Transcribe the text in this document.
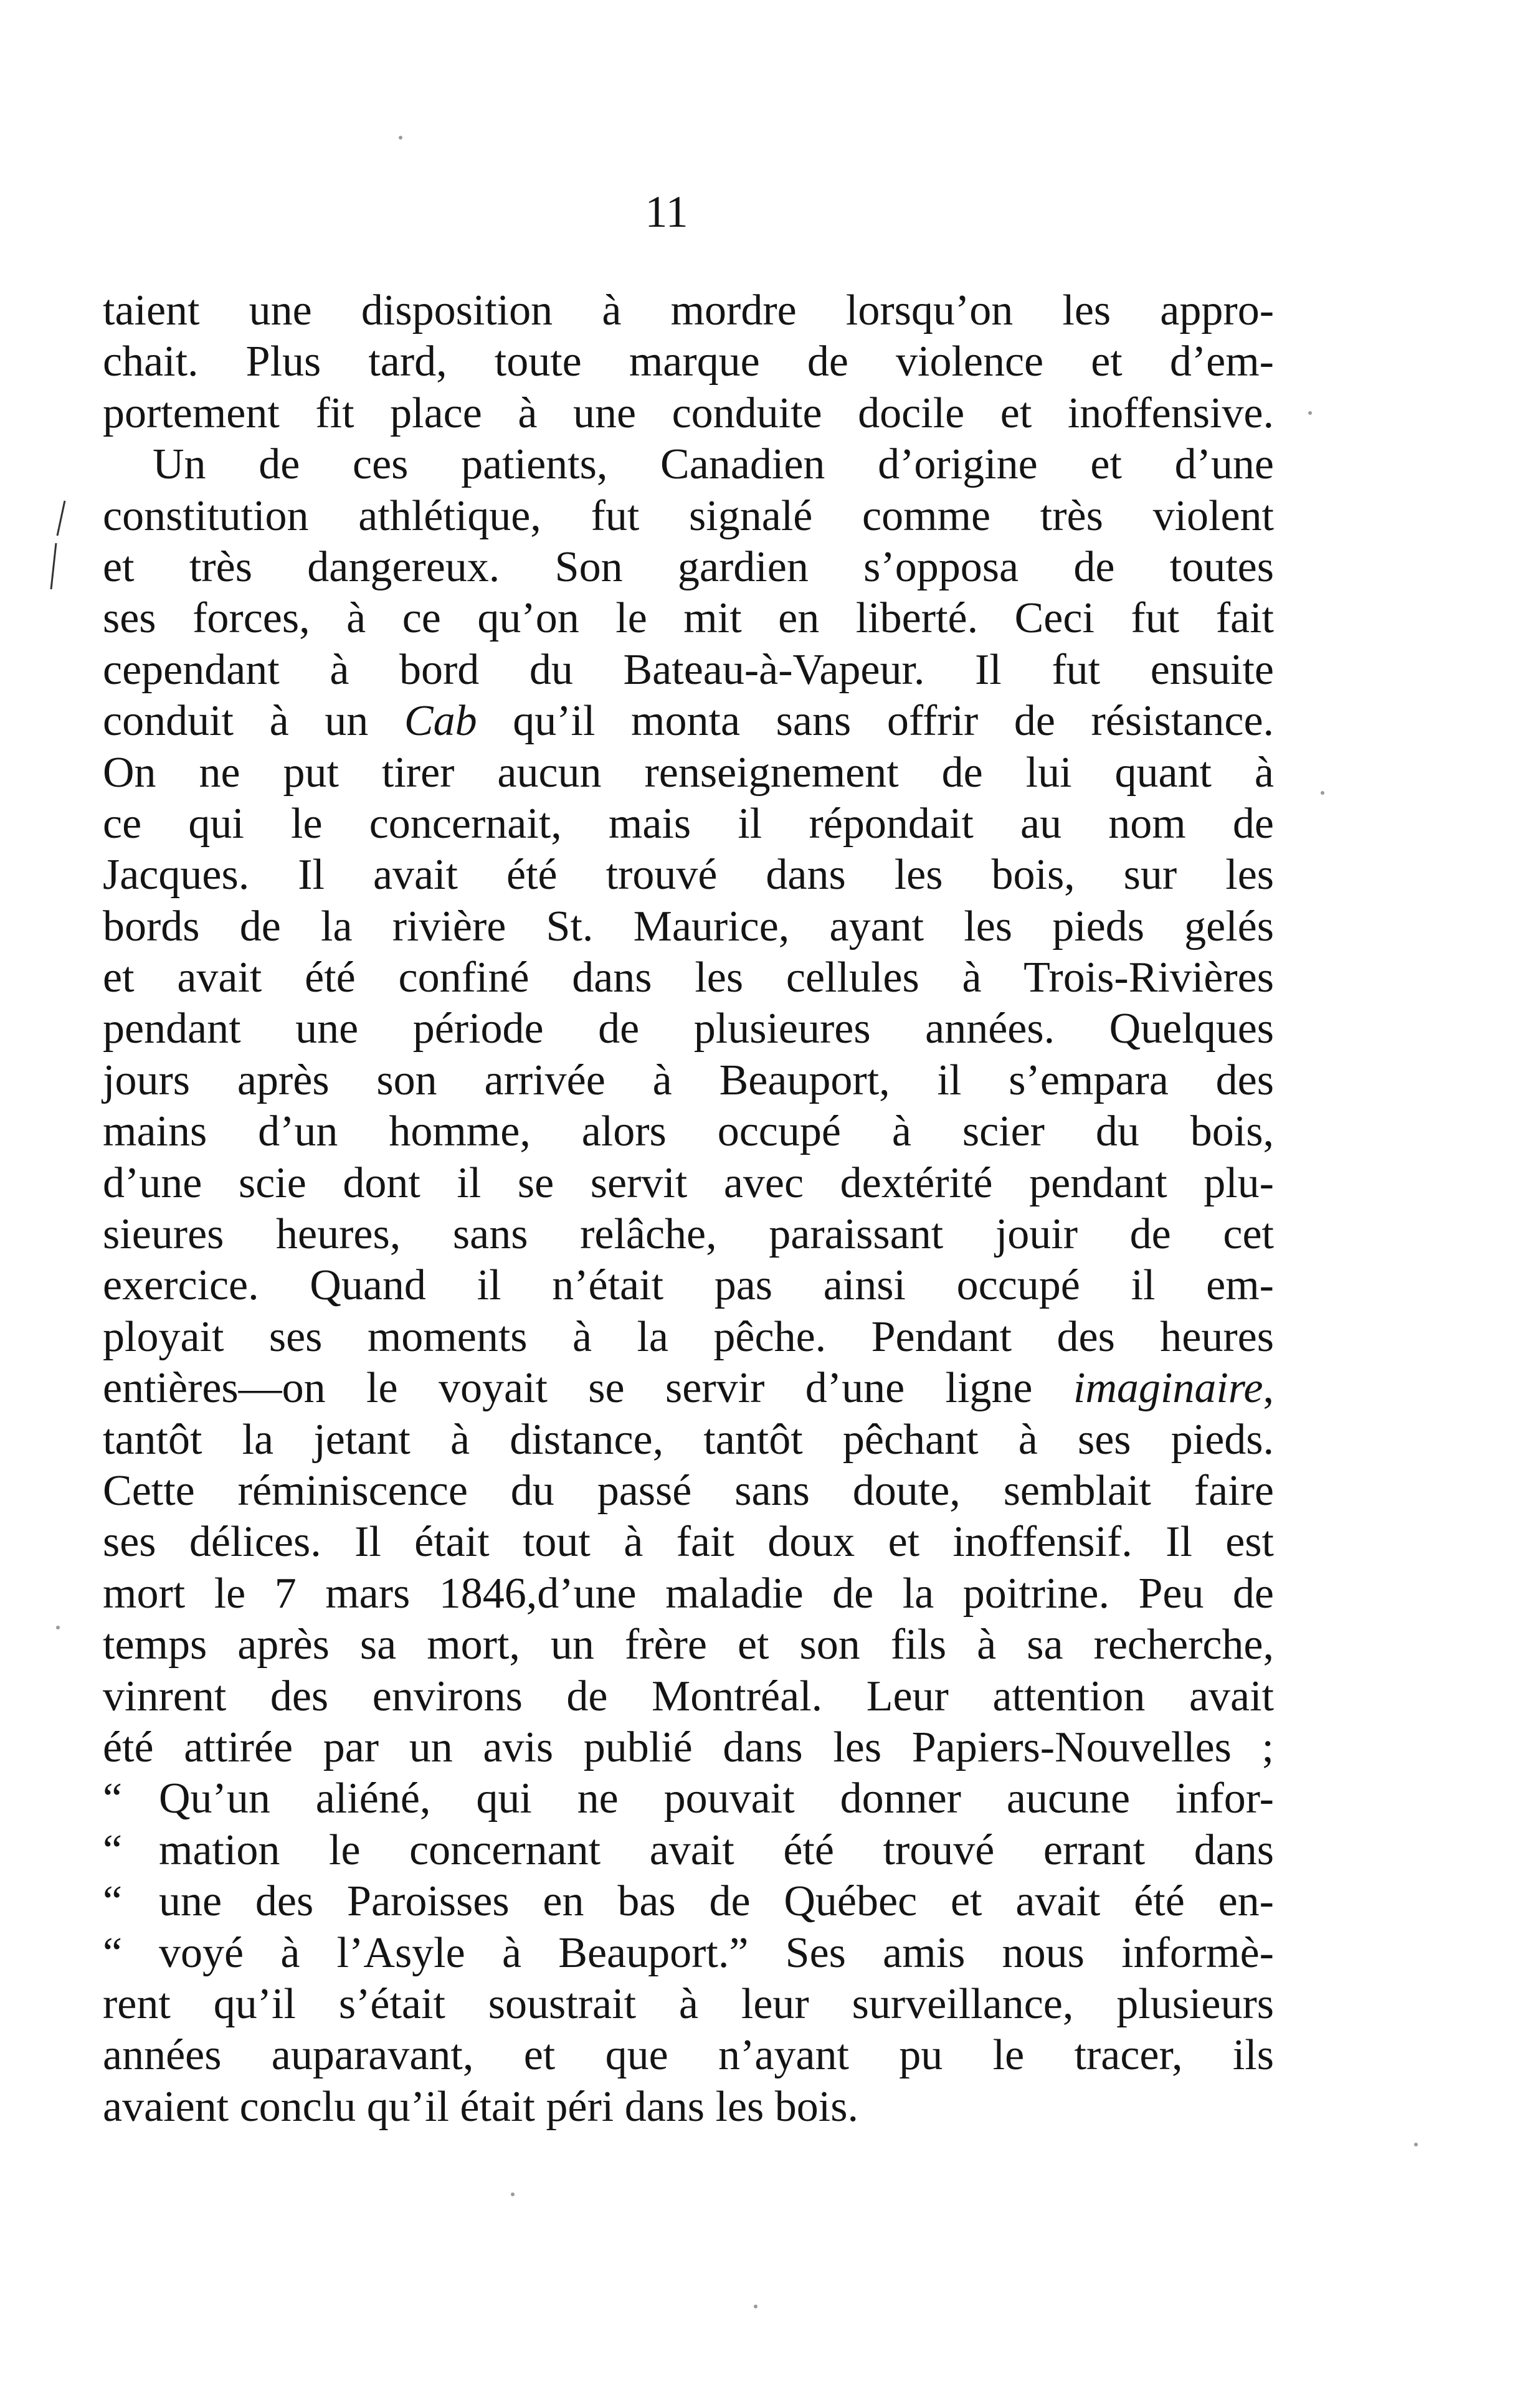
11
taient une disposition à mordre lorsqu’on les appro-
chait. Plus tard, toute marque de violence et d’em-
portement fit place à une conduite docile et inoffensive.
Un de ces patients, Canadien d’origine et d’une
constitution athlétique, fut signalé comme très violent
et très dangereux. Son gardien s’opposa de toutes
ses forces, à ce qu’on le mit en liberté. Ceci fut fait
cependant à bord du Bateau-à-Vapeur. Il fut ensuite
conduit à un Cab qu’il monta sans offrir de résistance.
On ne put tirer aucun renseignement de lui quant à
ce qui le concernait, mais il répondait au nom de
Jacques. Il avait été trouvé dans les bois, sur les
bords de la rivière St. Maurice, ayant les pieds gelés
et avait été confiné dans les cellules à Trois-Rivières
pendant une période de plusieures années. Quelques
jours après son arrivée à Beauport, il s’empara des
mains d’un homme, alors occupé à scier du bois,
d’une scie dont il se servit avec dextérité pendant plu-
sieures heures, sans relâche, paraissant jouir de cet
exercice. Quand il n’était pas ainsi occupé il em-
ployait ses moments à la pêche. Pendant des heures
entières—on le voyait se servir d’une ligne imaginaire,
tantôt la jetant à distance, tantôt pêchant à ses pieds.
Cette réminiscence du passé sans doute, semblait faire
ses délices. Il était tout à fait doux et inoffensif. Il est
mort le 7 mars 1846,d’une maladie de la poitrine. Peu de
temps après sa mort, un frère et son fils à sa recherche,
vinrent des environs de Montréal. Leur attention avait
été attirée par un avis publié dans les Papiers-Nouvelles ;
“ Qu’un aliéné, qui ne pouvait donner aucune infor-
“ mation le concernant avait été trouvé errant dans
“ une des Paroisses en bas de Québec et avait été en-
“ voyé à l’Asyle à Beauport.” Ses amis nous informè-
rent qu’il s’était soustrait à leur surveillance, plusieurs
années auparavant, et que n’ayant pu le tracer, ils
avaient conclu qu’il était péri dans les bois.
